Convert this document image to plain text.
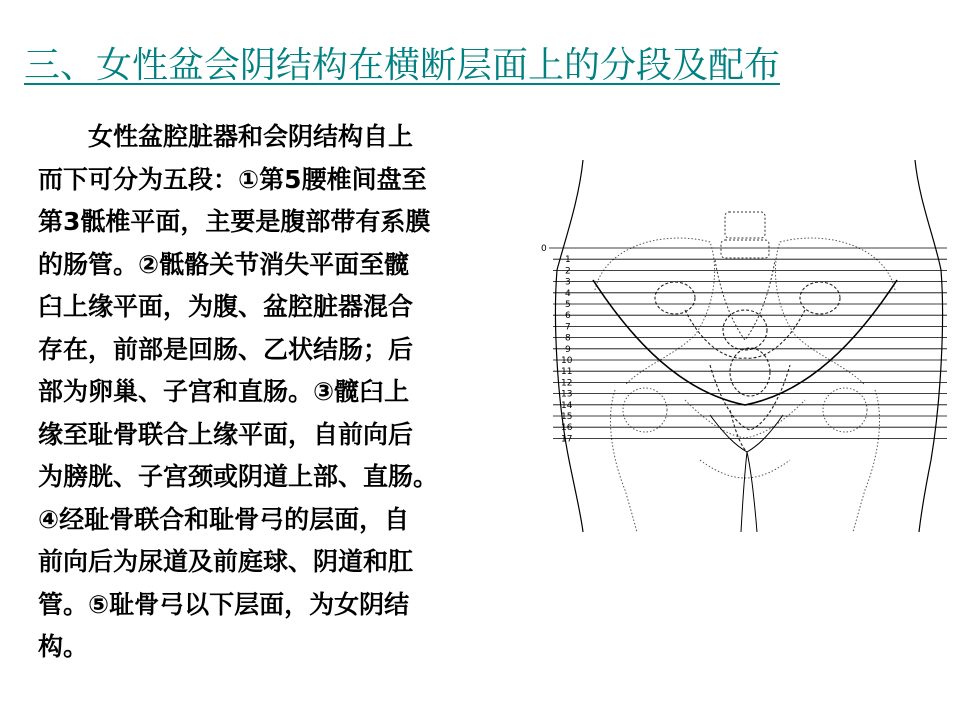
三、女性盆会阴结构在横断层面上的分段及配布
　　女性盆腔脏器和会阴结构自上
而下可分为五段：①第5腰椎间盘至
第3骶椎平面，主要是腹部带有系膜
的肠管。②骶骼关节消失平面至髋
臼上缘平面，为腹、盆腔脏器混合
存在，前部是回肠、乙状结肠；后
部为卵巢、子宫和直肠。③髋臼上
缘至耻骨联合上缘平面，自前向后
为膀胱、子宫颈或阴道上部、直肠。
④经耻骨联合和耻骨弓的层面，自
前向后为尿道及前庭球、阴道和肛
管。⑤耻骨弓以下层面，为女阴结
构。
0
1
2
3
4
5
6
7
8
9
10
11
12
13
14
15
16
17
